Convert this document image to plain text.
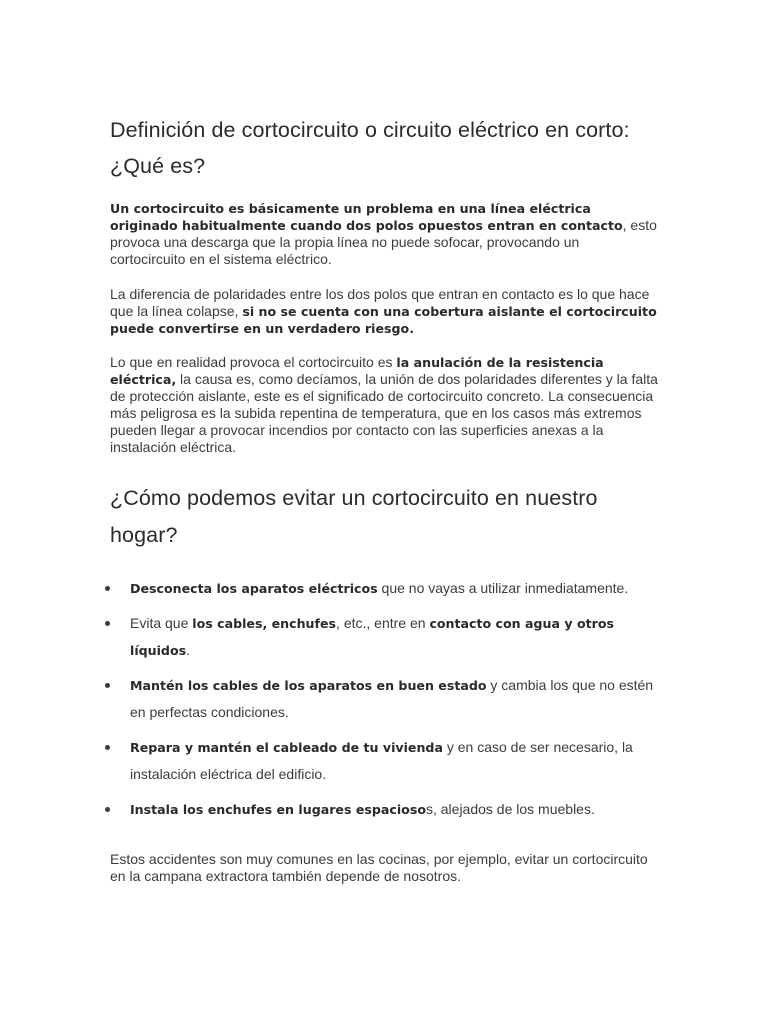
Definición de cortocircuito o circuito eléctrico en corto: ¿Qué es?

Un cortocircuito es básicamente un problema en una línea eléctrica originado habitualmente cuando dos polos opuestos entran en contacto, esto provoca una descarga que la propia línea no puede sofocar, provocando un cortocircuito en el sistema eléctrico.

La diferencia de polaridades entre los dos polos que entran en contacto es lo que hace que la línea colapse, si no se cuenta con una cobertura aislante el cortocircuito puede convertirse en un verdadero riesgo.

Lo que en realidad provoca el cortocircuito es la anulación de la resistencia eléctrica, la causa es, como decíamos, la unión de dos polaridades diferentes y la falta de protección aislante, este es el significado de cortocircuito concreto. La consecuencia más peligrosa es la subida repentina de temperatura, que en los casos más extremos pueden llegar a provocar incendios por contacto con las superficies anexas a la instalación eléctrica.

¿Cómo podemos evitar un cortocircuito en nuestro hogar?
Desconecta los aparatos eléctricos que no vayas a utilizar inmediatamente.
Evita que los cables, enchufes, etc., entre en contacto con agua y otros líquidos.
Mantén los cables de los aparatos en buen estado y cambia los que no estén en perfectas condiciones.
Repara y mantén el cableado de tu vivienda y en caso de ser necesario, la instalación eléctrica del edificio.
Instala los enchufes en lugares espaciosos, alejados de los muebles.

Estos accidentes son muy comunes en las cocinas, por ejemplo, evitar un cortocircuito en la campana extractora también depende de nosotros.
